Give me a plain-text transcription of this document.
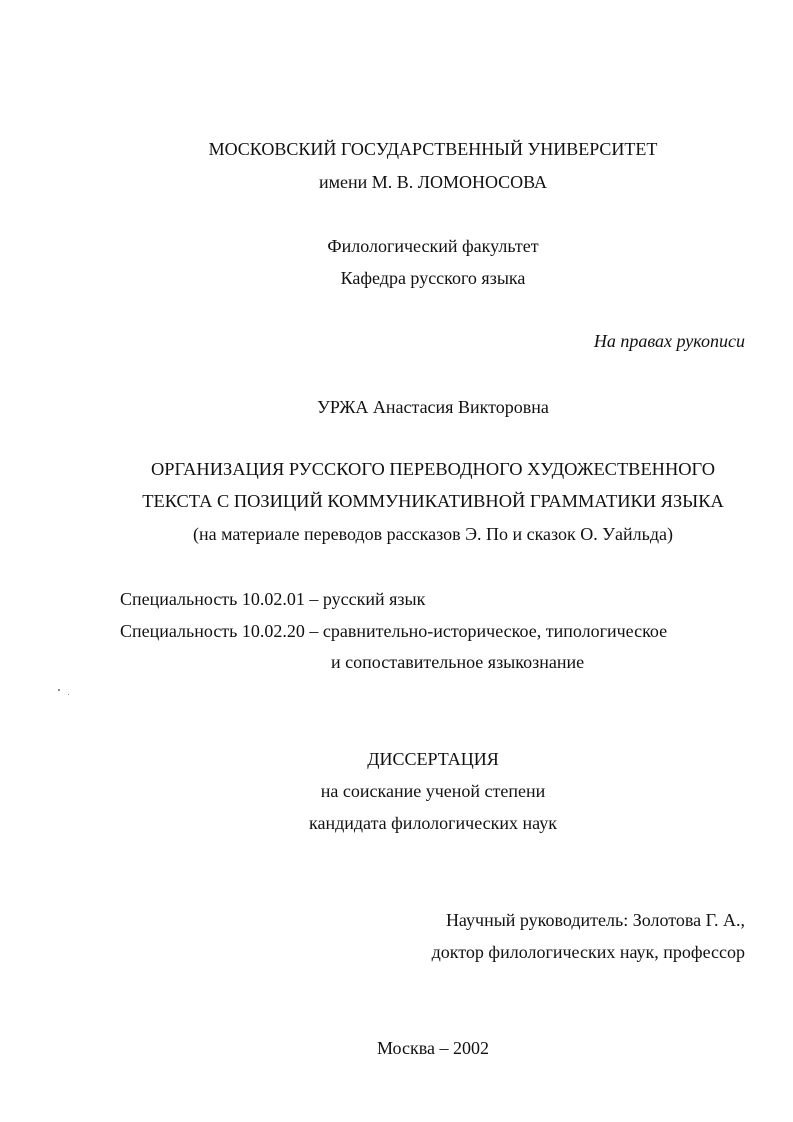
МОСКОВСКИЙ ГОСУДАРСТВЕННЫЙ УНИВЕРСИТЕТ
имени М. В. ЛОМОНОСОВА
Филологический факультет
Кафедра русского языка
На правах рукописи
УРЖА Анастасия Викторовна
ОРГАНИЗАЦИЯ РУССКОГО ПЕРЕВОДНОГО ХУДОЖЕСТВЕННОГО
ТЕКСТА С ПОЗИЦИЙ КОММУНИКАТИВНОЙ ГРАММАТИКИ ЯЗЫКА
(на материале переводов рассказов Э. По и сказок О. Уайльда)
Специальность 10.02.01 – русский язык
Специальность 10.02.20 – сравнительно-историческое, типологическое
и сопоставительное языкознание
ДИССЕРТАЦИЯ
на соискание ученой степени
кандидата филологических наук
Научный руководитель: Золотова Г. А.,
доктор филологических наук, профессор
Москва – 2002
